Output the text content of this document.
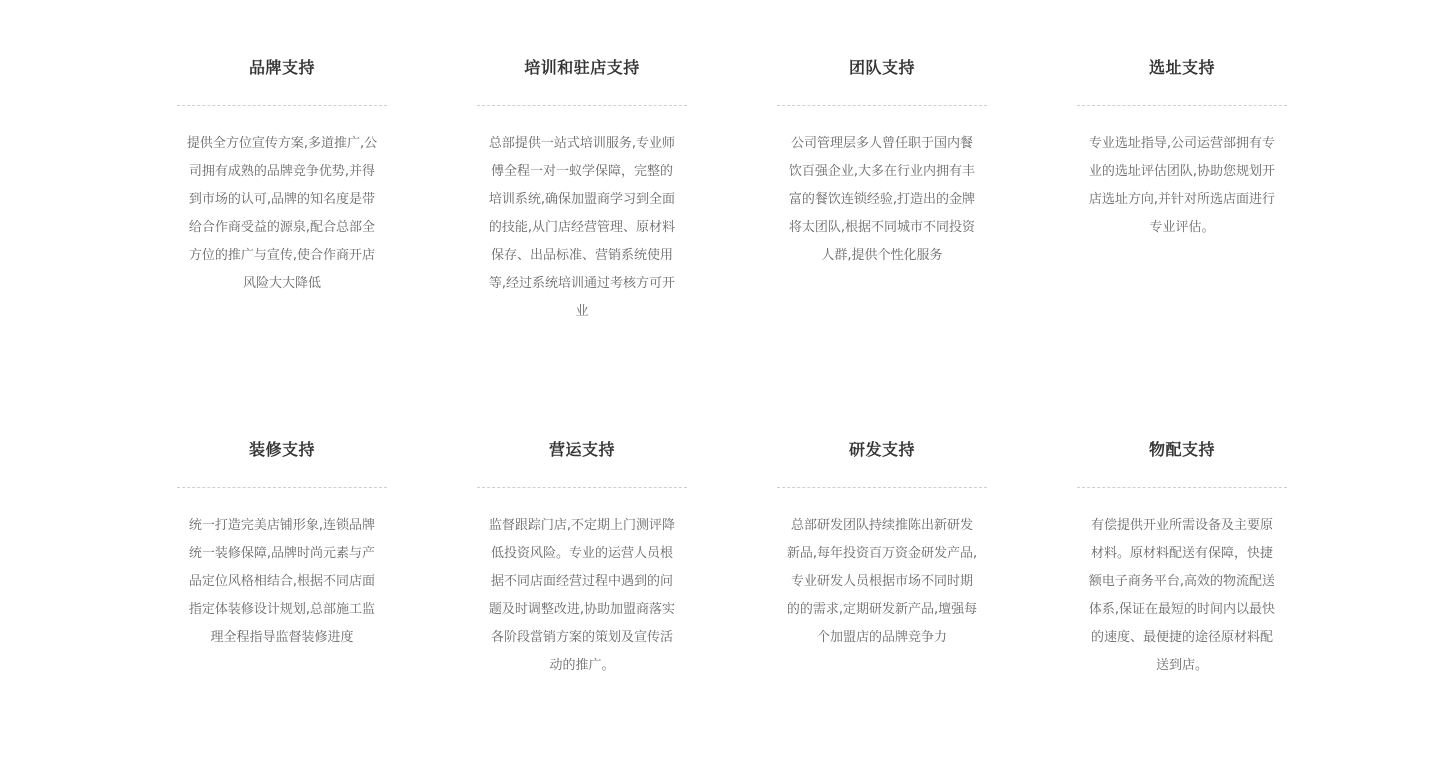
品牌支持
提供全方位宣传方案,多道推广,公司拥有成熟的品牌竞争优势,并得到市场的认可,品牌的知名度是带给合作商受益的源泉,配合总部全方位的推广与宣传,使合作商开店风险大大降低
培训和驻店支持
总部提供一站式培训服务,专业师傅全程一对一蚁学保障，完整的培训系统,确保加盟商学习到全面的技能,从门店经营管理、原材料保存、出品标准、营销系统使用等,经过系统培训通过考核方可开业
团队支持
公司管理层多人曾任职于国内餐饮百强企业,大多在行业内拥有丰富的餐饮连锁经验,打造出的金牌将太团队,根据不同城市不同投资人群,提供个性化服务
选址支持
专业选址指导,公司运营部拥有专业的选址评估团队,协助您规划开店选址方向,并针对所选店面进行专业评估。
装修支持
统一打造完美店铺形象,连锁品牌统一装修保障,品牌时尚元素与产品定位风格相结合,根据不同店面指定体装修设计规划,总部施工监理全程指导监督装修进度
营运支持
监督跟踪门店,不定期上门测评降低投资风险。专业的运营人员根据不同店面经营过程中遇到的问题及时调整改进,协助加盟商落实各阶段當销方案的策划及宣传活动的推广。
研发支持
总部研发团队持续推陈出新研发新品,每年投资百万资金研发产品,专业研发人员根据市场不同时期的的需求,定期研发新产品,壇强每个加盟店的品牌竞争力
物配支持
有偿提供开业所需设备及主要原材料。原材料配送有保障，快捷额电子商务平台,高效的物流配送体系,保证在最短的时间内以最快的速度、最便捷的途径原材料配送到店。
